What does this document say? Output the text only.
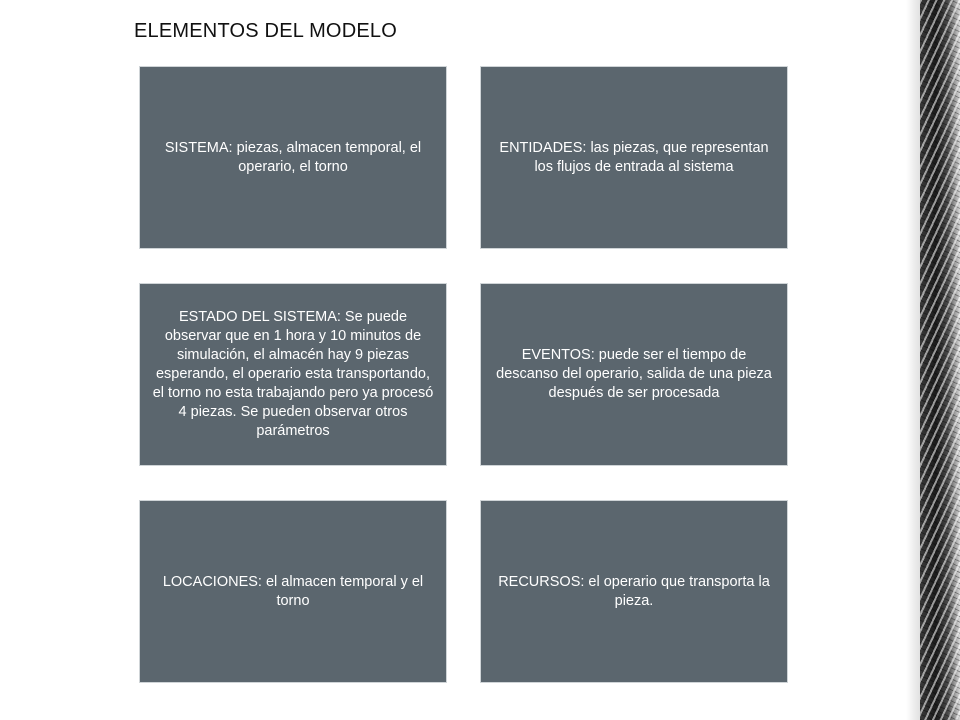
ELEMENTOS DEL MODELO
SISTEMA: piezas, almacen temporal, el operario, el torno
ENTIDADES: las piezas, que representan los flujos de entrada al sistema
ESTADO DEL SISTEMA: Se puede observar que en 1 hora y 10 minutos de simulación, el almacén hay 9 piezas esperando, el operario esta transportando, el torno no esta trabajando pero ya procesó 4 piezas. Se pueden observar otros parámetros
EVENTOS: puede ser el tiempo de descanso del operario, salida de una pieza después de ser procesada
LOCACIONES: el almacen temporal y el torno
RECURSOS: el operario que transporta la pieza.
